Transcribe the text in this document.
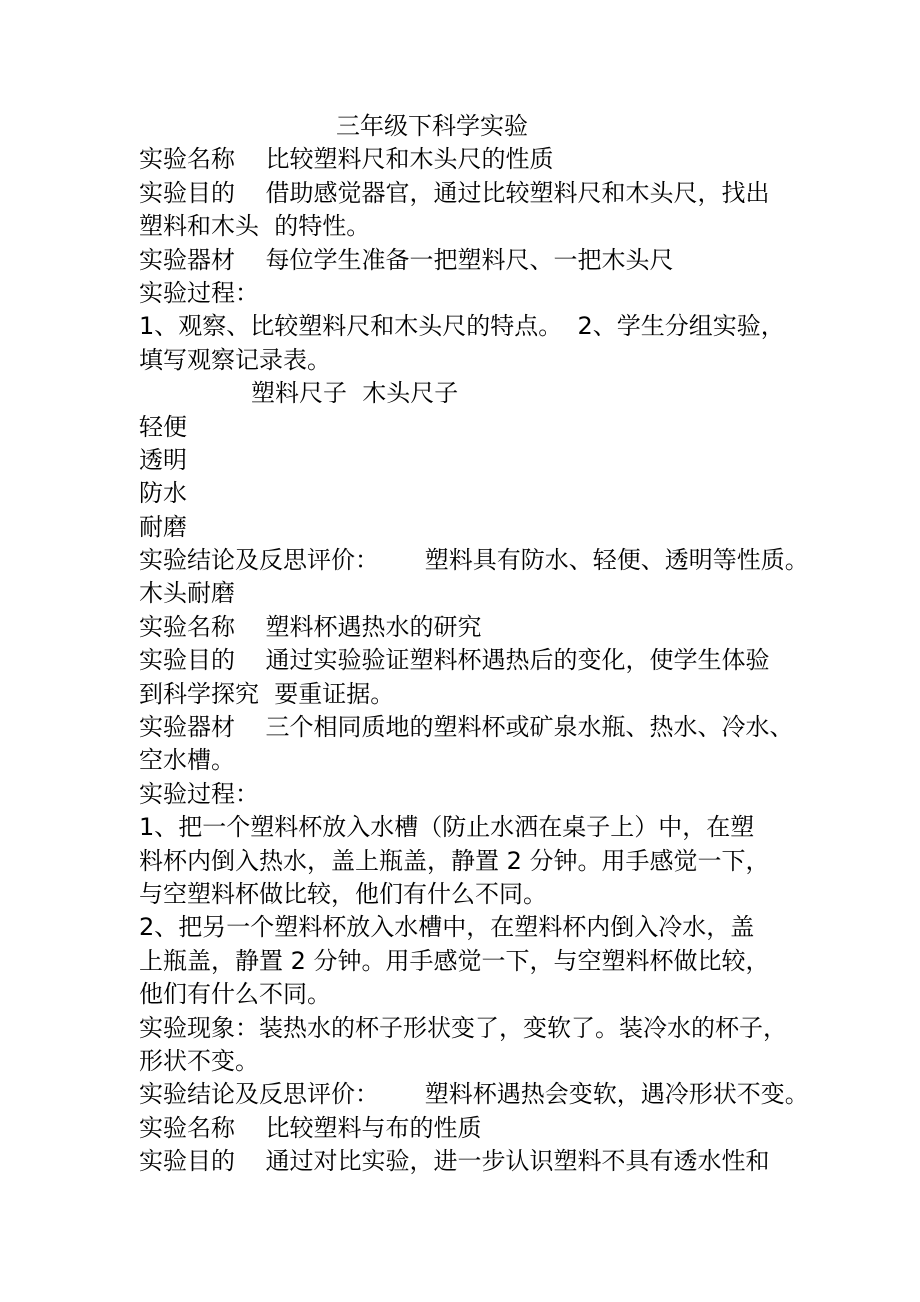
三年级下科学实验
实验名称    比较塑料尺和木头尺的性质
实验目的    借助感觉器官，通过比较塑料尺和木头尺，找出
塑料和木头  的特性。
实验器材    每位学生准备一把塑料尺、一把木头尺
实验过程：
1、观察、比较塑料尺和木头尺的特点。  2、学生分组实验，
填写观察记录表。
塑料尺子  木头尺子
轻便
透明
防水
耐磨
实验结论及反思评价：      塑料具有防水、轻便、透明等性质。
木头耐磨
实验名称    塑料杯遇热水的研究
实验目的    通过实验验证塑料杯遇热后的变化，使学生体验
到科学探究  要重证据。
实验器材    三个相同质地的塑料杯或矿泉水瓶、热水、冷水、
空水槽。
实验过程：
1、把一个塑料杯放入水槽（防止水洒在桌子上）中，在塑
料杯内倒入热水，盖上瓶盖，静置 2 分钟。用手感觉一下，
与空塑料杯做比较，他们有什么不同。
2、把另一个塑料杯放入水槽中，在塑料杯内倒入冷水，盖
上瓶盖，静置 2 分钟。用手感觉一下，与空塑料杯做比较，
他们有什么不同。
实验现象：装热水的杯子形状变了，变软了。装冷水的杯子，
形状不变。
实验结论及反思评价：      塑料杯遇热会变软，遇冷形状不变。
实验名称    比较塑料与布的性质
实验目的    通过对比实验，进一步认识塑料不具有透水性和
